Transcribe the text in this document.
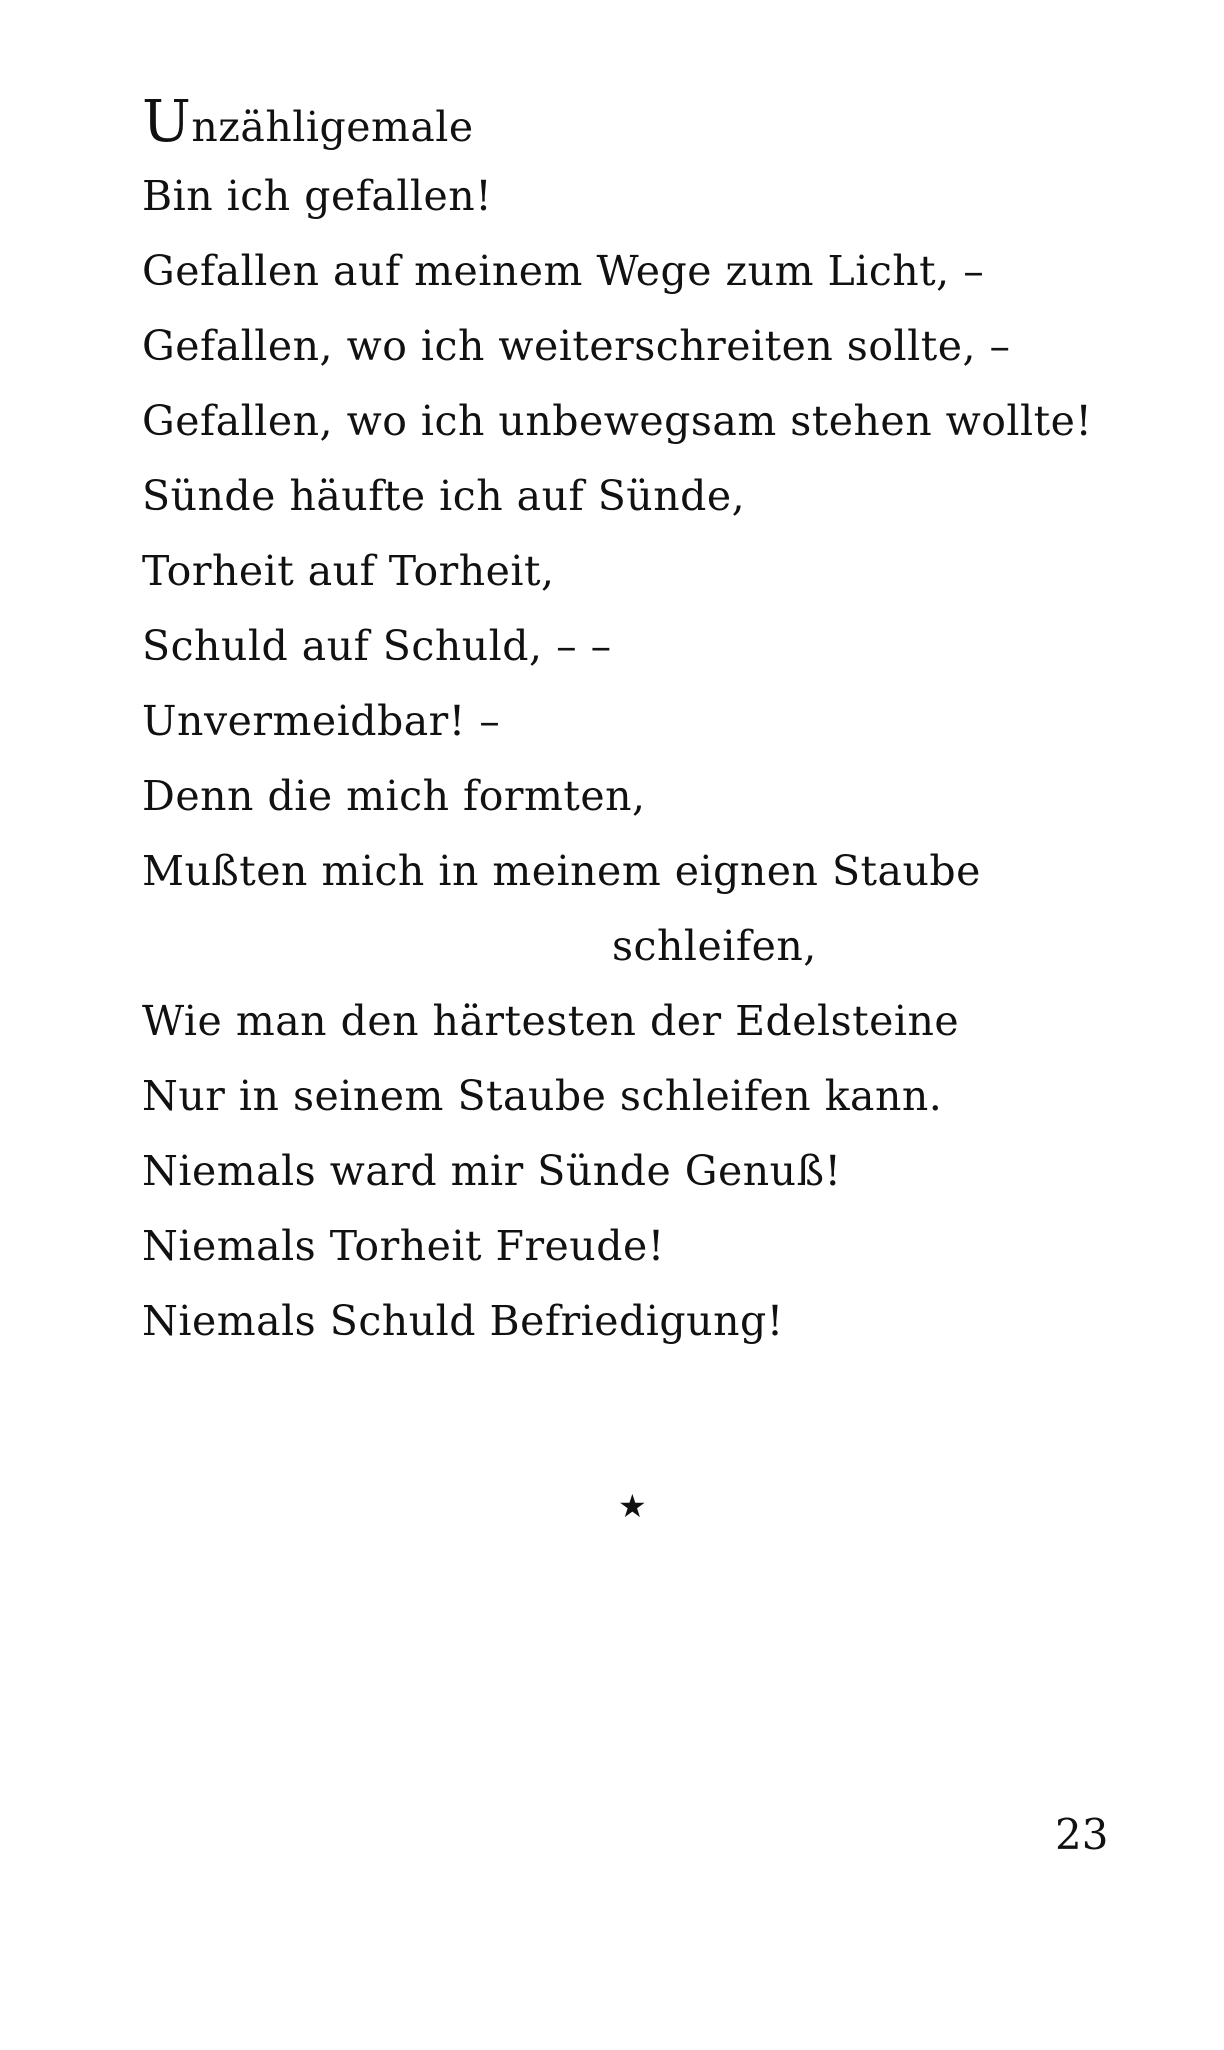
Unzähligemale
Bin ich gefallen!
Gefallen auf meinem Wege zum Licht, –
Gefallen, wo ich weiterschreiten sollte, –
Gefallen, wo ich unbewegsam stehen wollte!
Sünde häufte ich auf Sünde,
Torheit auf Torheit,
Schuld auf Schuld, – –
Unvermeidbar! –
Denn die mich formten,
Mußten mich in meinem eignen Staube
schleifen,
Wie man den härtesten der Edelsteine
Nur in seinem Staube schleifen kann.
Niemals ward mir Sünde Genuß!
Niemals Torheit Freude!
Niemals Schuld Befriedigung!
★
23
